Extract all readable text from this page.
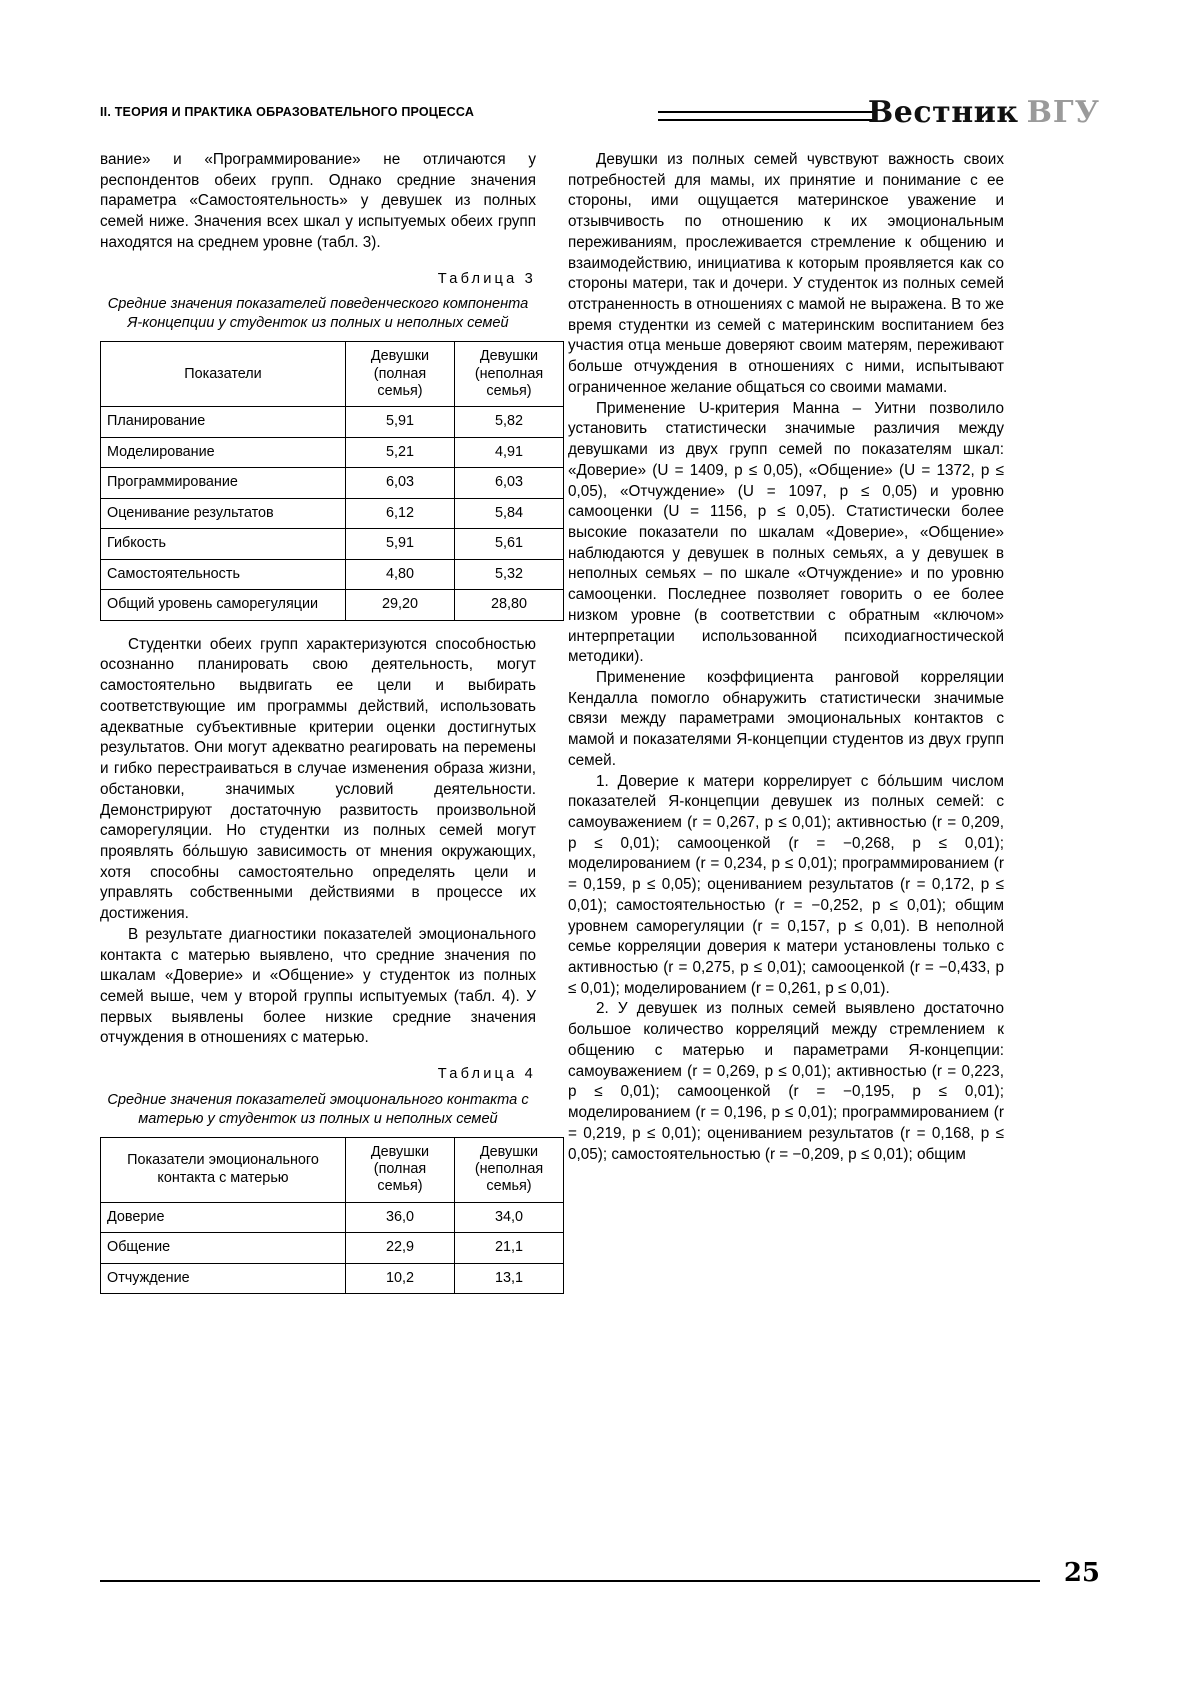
II. ТЕОРИЯ И ПРАКТИКА ОБРАЗОВАТЕЛЬНОГО ПРОЦЕССА	Вестник ВГУ

вание» и «Программирование» не отличаются у респондентов обеих групп. Однако средние значения параметра «Самостоятельность» у девушек из полных семей ниже. Значения всех шкал у испытуемых обеих групп находятся на среднем уровне (табл. 3).

Таблица 3
Средние значения показателей поведенческого компонента Я-концепции у студенток из полных и неполных семей
Показатели	Девушки (полная семья)	Девушки (неполная семья)
Планирование	5,91	5,82
Моделирование	5,21	4,91
Программирование	6,03	6,03
Оценивание результатов	6,12	5,84
Гибкость	5,91	5,61
Самостоятельность	4,80	5,32
Общий уровень саморегуляции	29,20	28,80

Студентки обеих групп характеризуются способностью осознанно планировать свою деятельность, могут самостоятельно выдвигать ее цели и выбирать соответствующие им программы действий, использовать адекватные субъективные критерии оценки достигнутых результатов. Они могут адекватно реагировать на перемены и гибко перестраиваться в случае изменения образа жизни, обстановки, значимых условий деятельности. Демонстрируют достаточную развитость произвольной саморегуляции. Но студентки из полных семей могут проявлять бо́льшую зависимость от мнения окружающих, хотя способны самостоятельно определять цели и управлять собственными действиями в процессе их достижения.

В результате диагностики показателей эмоционального контакта с матерью выявлено, что средние значения по шкалам «Доверие» и «Общение» у студенток из полных семей выше, чем у второй группы испытуемых (табл. 4). У первых выявлены более низкие средние значения отчуждения в отношениях с матерью.

Таблица 4
Средние значения показателей эмоционального контакта с матерью у студенток из полных и неполных семей
Показатели эмоционального контакта с матерью	Девушки (полная семья)	Девушки (неполная семья)
Доверие	36,0	34,0
Общение	22,9	21,1
Отчуждение	10,2	13,1

Девушки из полных семей чувствуют важность своих потребностей для мамы, их принятие и понимание с ее стороны, ими ощущается материнское уважение и отзывчивость по отношению к их эмоциональным переживаниям, прослеживается стремление к общению и взаимодействию, инициатива к которым проявляется как со стороны матери, так и дочери. У студенток из полных семей отстраненность в отношениях с мамой не выражена. В то же время студентки из семей с материнским воспитанием без участия отца меньше доверяют своим матерям, переживают больше отчуждения в отношениях с ними, испытывают ограниченное желание общаться со своими мамами.

Применение U-критерия Манна – Уитни позволило установить статистически значимые различия между девушками из двух групп семей по показателям шкал: «Доверие» (U = 1409, p ≤ 0,05), «Общение» (U = 1372, p ≤ 0,05), «Отчуждение» (U = 1097, p ≤ 0,05) и уровню самооценки (U = 1156, p ≤ 0,05). Статистически более высокие показатели по шкалам «Доверие», «Общение» наблюдаются у девушек в полных семьях, а у девушек в неполных семьях – по шкале «Отчуждение» и по уровню самооценки. Последнее позволяет говорить о ее более низком уровне (в соответствии с обратным «ключом» интерпретации использованной психодиагностической методики).

Применение коэффициента ранговой корреляции Кендалла помогло обнаружить статистически значимые связи между параметрами эмоциональных контактов с мамой и показателями Я-концепции студентов из двух групп семей.

1. Доверие к матери коррелирует с бо́льшим числом показателей Я-концепции девушек из полных семей: с самоуважением (r = 0,267, p ≤ 0,01); активностью (r = 0,209, p ≤ 0,01); самооценкой (r = −0,268, p ≤ 0,01); моделированием (r = 0,234, p ≤ 0,01); программированием (r = 0,159, p ≤ 0,05); оцениванием результатов (r = 0,172, p ≤ 0,01); самостоятельностью (r = −0,252, p ≤ 0,01); общим уровнем саморегуляции (r = 0,157, p ≤ 0,01). В неполной семье корреляции доверия к матери установлены только с активностью (r = 0,275, p ≤ 0,01); самооценкой (r = −0,433, p ≤ 0,01); моделированием (r = 0,261, p ≤ 0,01).

2. У девушек из полных семей выявлено достаточно большое количество корреляций между стремлением к общению с матерью и параметрами Я-концепции: самоуважением (r = 0,269, p ≤ 0,01); активностью (r = 0,223, p ≤ 0,01); самооценкой (r = −0,195, p ≤ 0,01); моделированием (r = 0,196, p ≤ 0,01); программированием (r = 0,219, p ≤ 0,01); оцениванием результатов (r = 0,168, p ≤ 0,05); самостоятельностью (r = −0,209, p ≤ 0,01); общим

25
